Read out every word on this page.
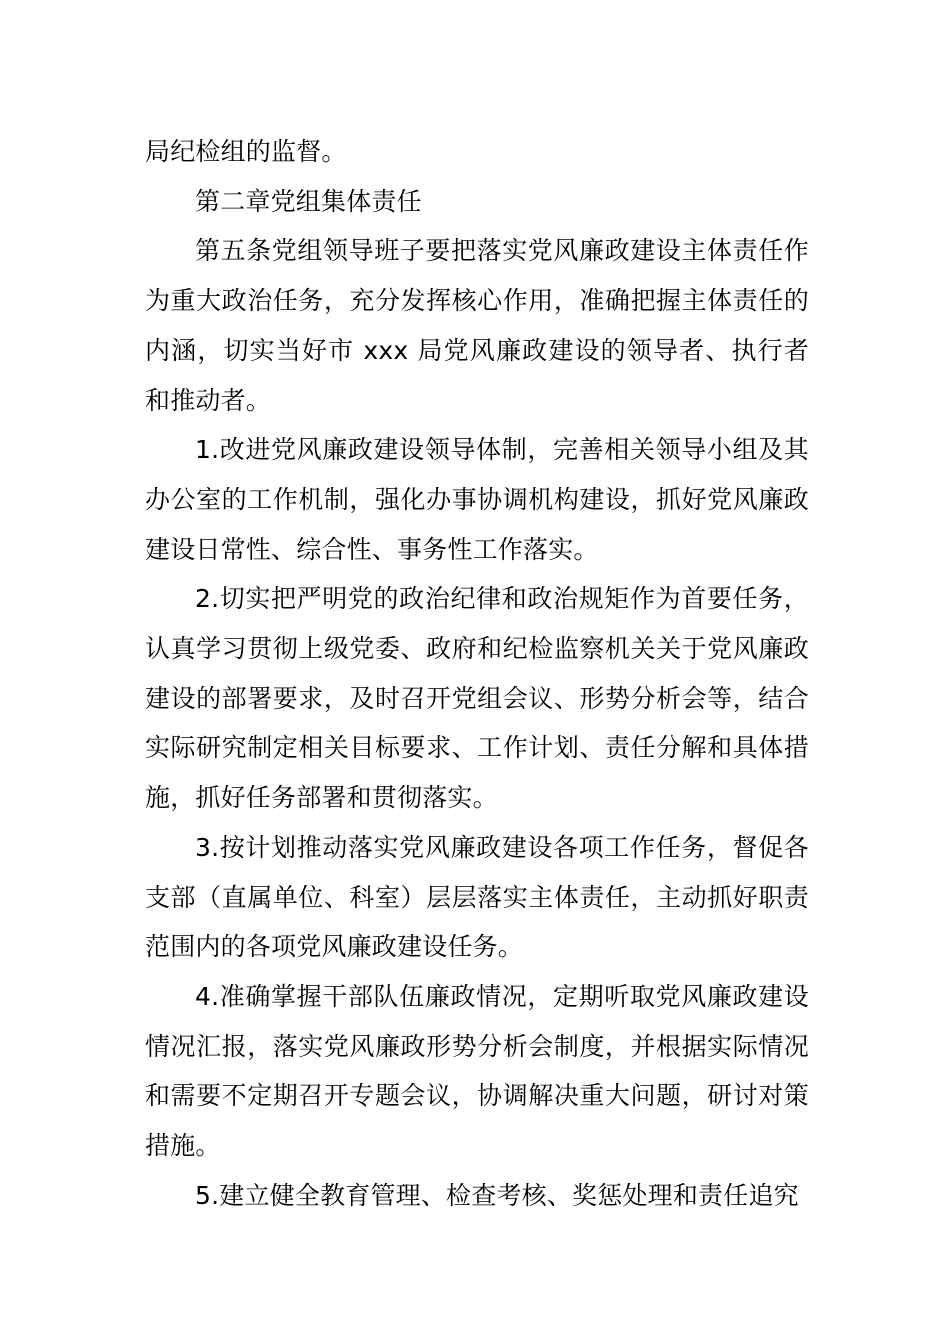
局纪检组的监督。

第二章党组集体责任

第五条党组领导班子要把落实党风廉政建设主体责任作为重大政治任务，充分发挥核心作用，准确把握主体责任的内涵，切实当好市 xxx 局党风廉政建设的领导者、执行者和推动者。

1.改进党风廉政建设领导体制，完善相关领导小组及其办公室的工作机制，强化办事协调机构建设，抓好党风廉政建设日常性、综合性、事务性工作落实。

2.切实把严明党的政治纪律和政治规矩作为首要任务，认真学习贯彻上级党委、政府和纪检监察机关关于党风廉政建设的部署要求，及时召开党组会议、形势分析会等，结合实际研究制定相关目标要求、工作计划、责任分解和具体措施，抓好任务部署和贯彻落实。

3.按计划推动落实党风廉政建设各项工作任务，督促各支部（直属单位、科室）层层落实主体责任，主动抓好职责范围内的各项党风廉政建设任务。

4.准确掌握干部队伍廉政情况，定期听取党风廉政建设情况汇报，落实党风廉政形势分析会制度，并根据实际情况和需要不定期召开专题会议，协调解决重大问题，研讨对策措施。

5.建立健全教育管理、检查考核、奖惩处理和责任追究
